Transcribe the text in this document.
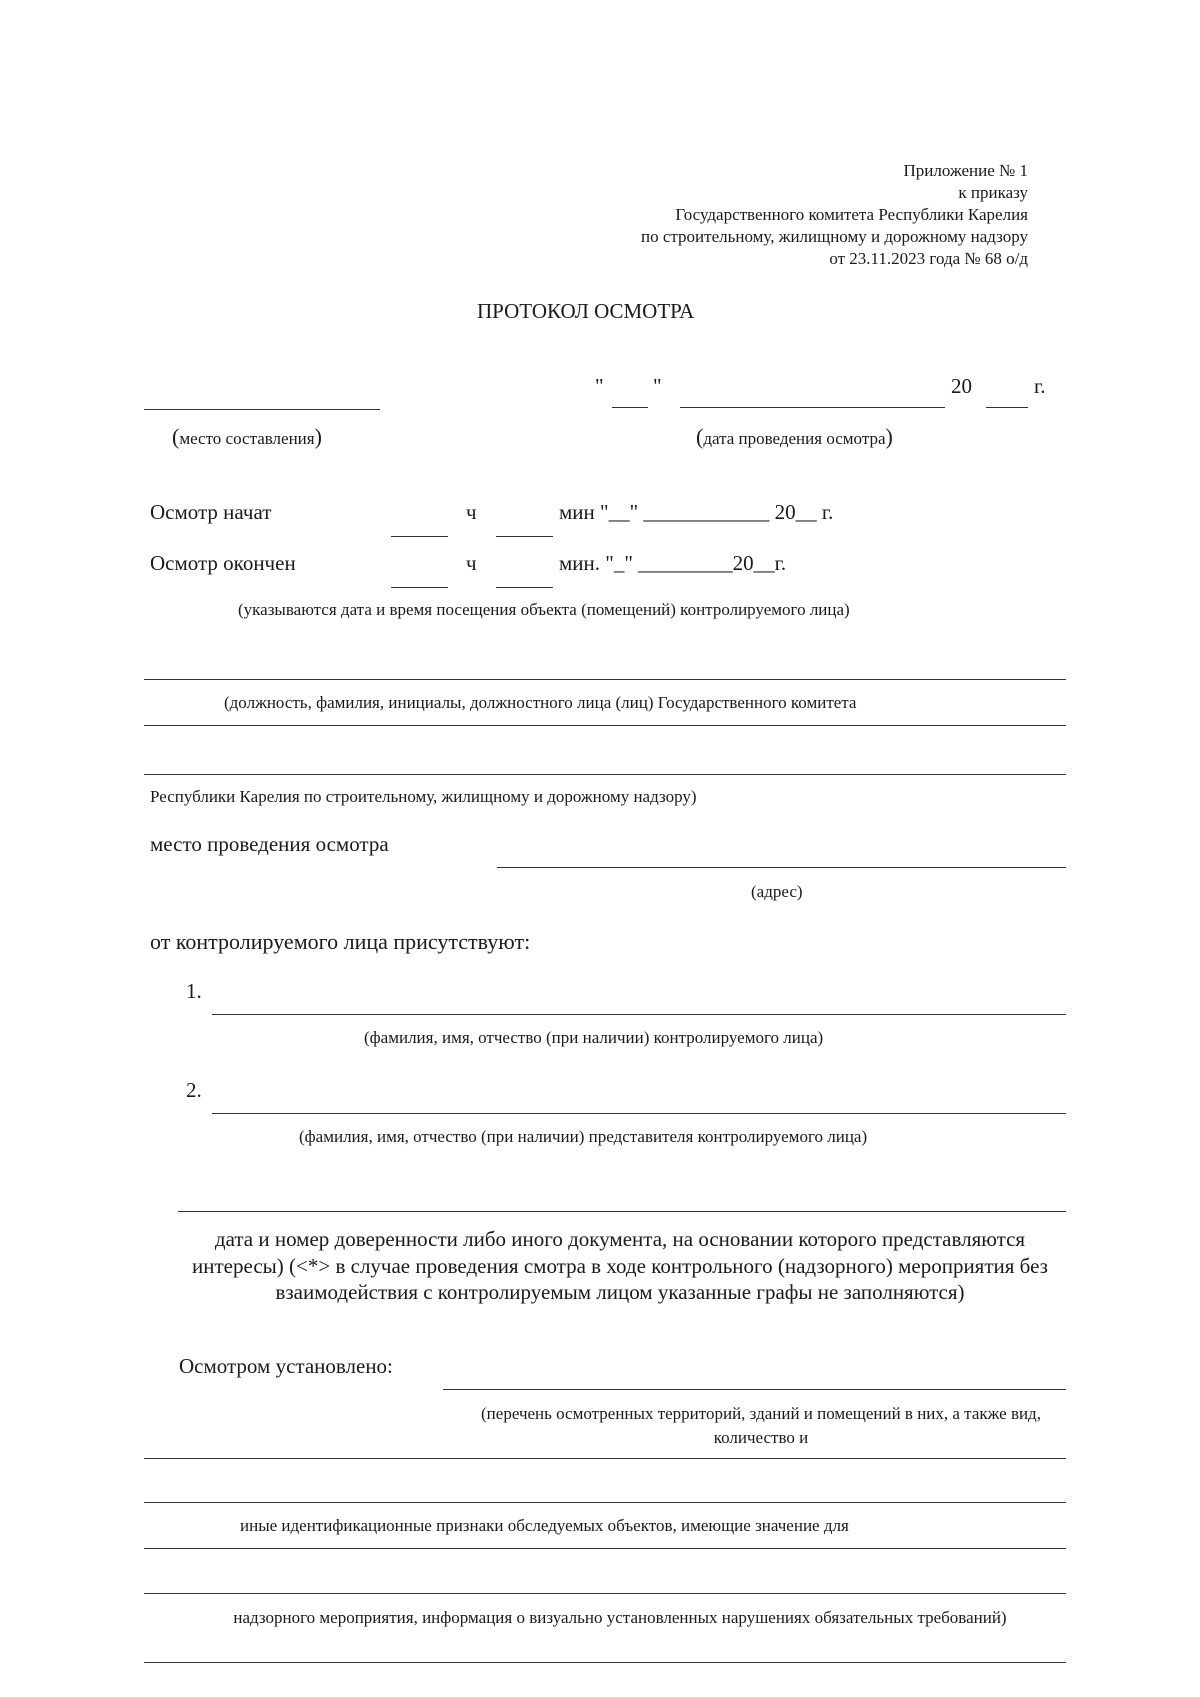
Приложение № 1
к приказу
Государственного комитета Республики Карелия
по строительному, жилищному и дорожному надзору
от 23.11.2023 года № 68 о/д
ПРОТОКОЛ ОСМОТРА
" "	20	г.
(место составления)	(дата проведения осмотра)
Осмотр начат	ч	мин "__" ____________ 20__ г.
Осмотр окончен	ч	мин. "_" _________20__г.
(указываются дата и время посещения объекта (помещений) контролируемого лица)
(должность, фамилия, инициалы, должностного лица (лиц) Государственного комитета
Республики Карелия по строительному, жилищному и дорожному надзору)
место проведения осмотра
(адрес)
от контролируемого лица присутствуют:
1.
(фамилия, имя, отчество (при наличии) контролируемого лица)
2.
(фамилия, имя, отчество (при наличии) представителя контролируемого лица)
дата и номер доверенности либо иного документа, на основании которого представляются интересы) (<*> в случае проведения смотра в ходе контрольного (надзорного) мероприятия без взаимодействия с контролируемым лицом указанные графы не заполняются)
Осмотром установлено:
(перечень осмотренных территорий, зданий и помещений в них, а также вид, количество и
иные идентификационные признаки обследуемых объектов, имеющие значение для
надзорного мероприятия, информация о визуально установленных нарушениях обязательных требований)
